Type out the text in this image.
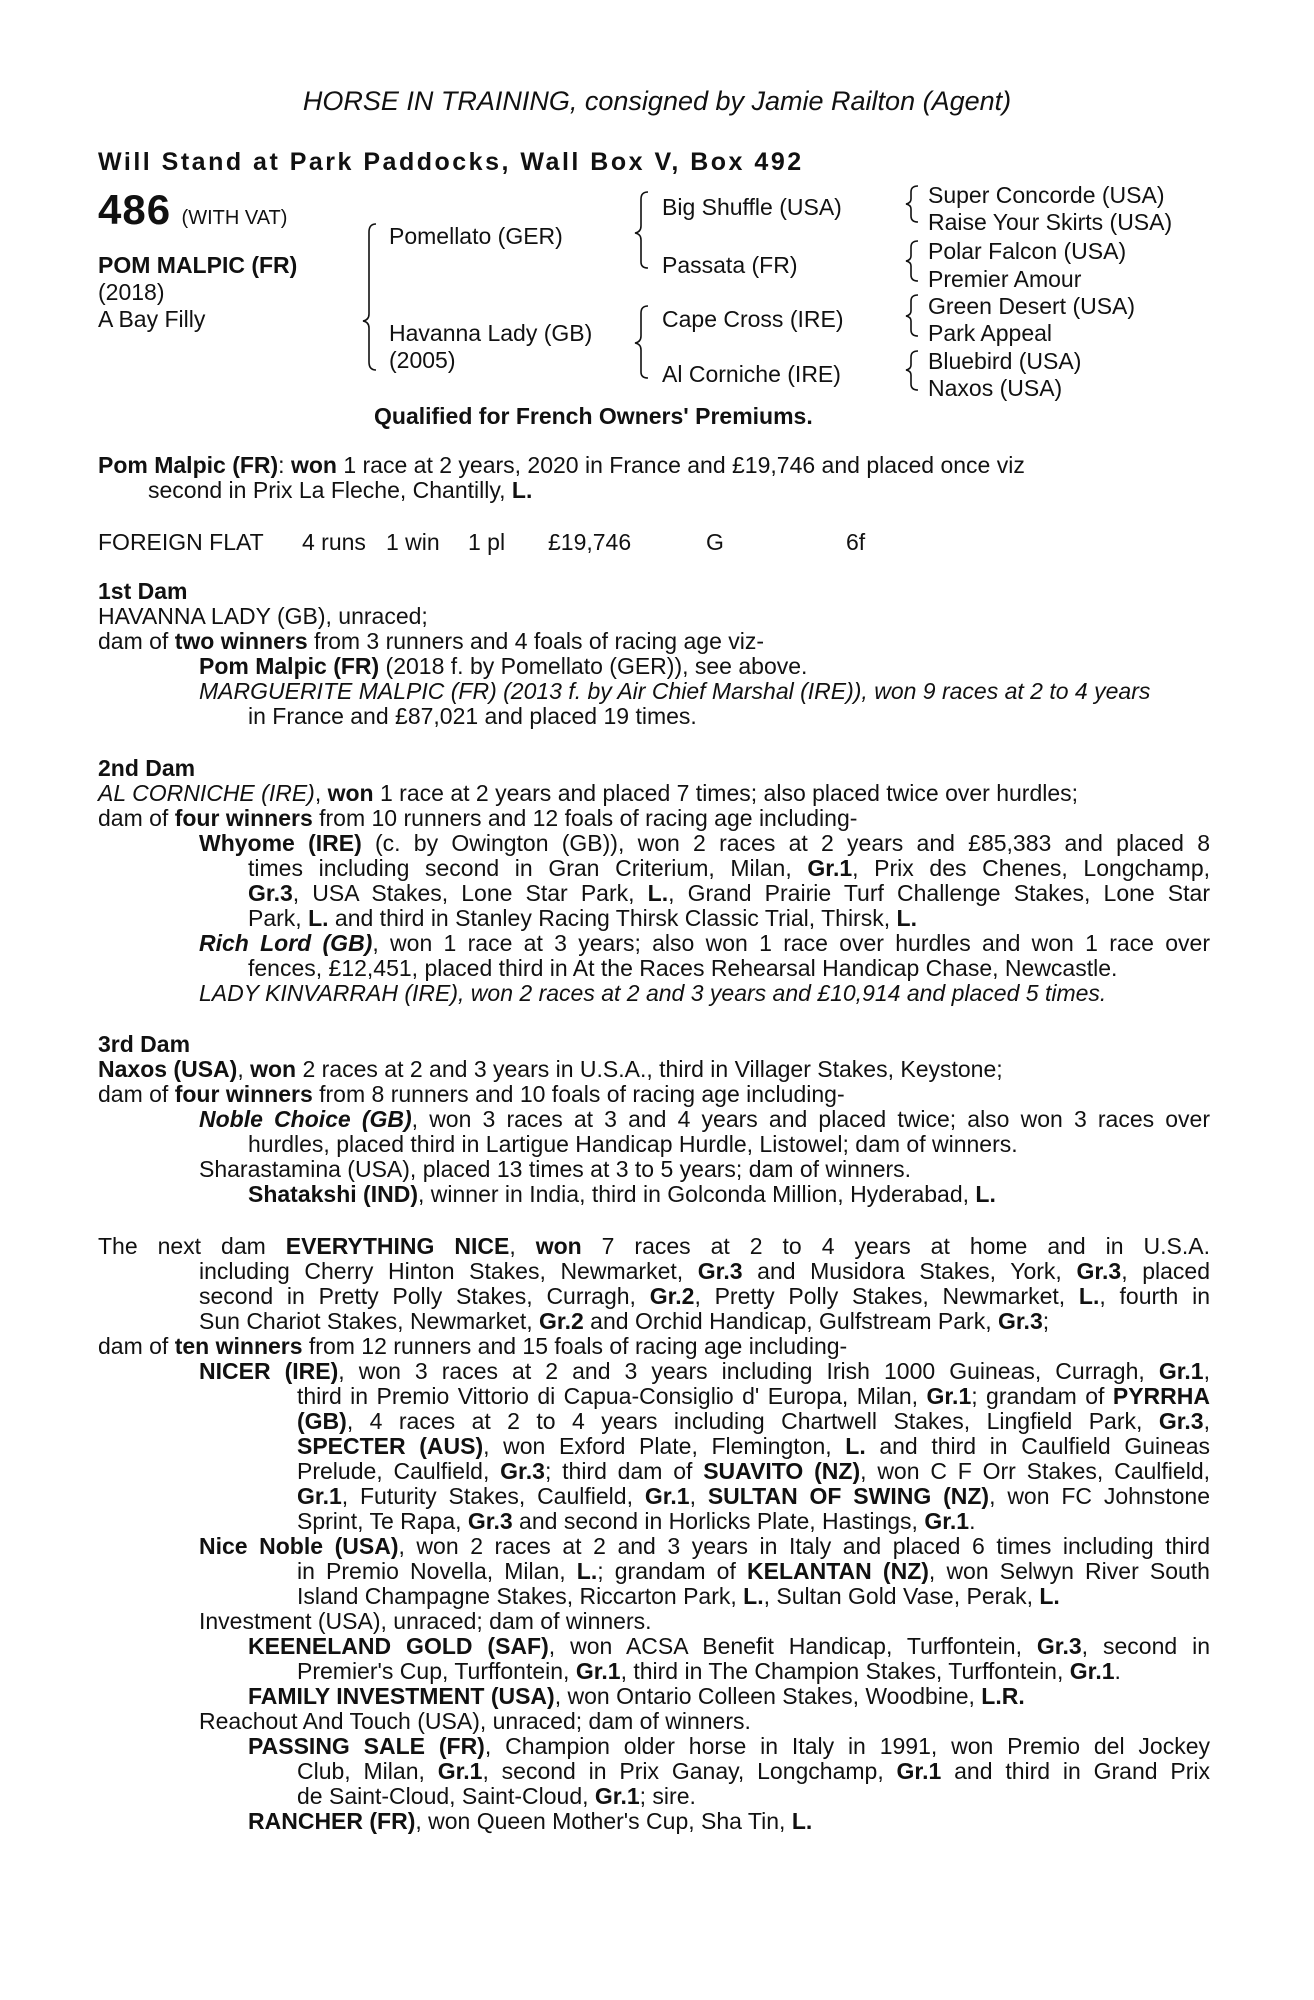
HORSE IN TRAINING, consigned by Jamie Railton (Agent)
Will Stand at Park Paddocks, Wall Box V, Box 492
486 (WITH VAT)
POM MALPIC (FR)
(2018)
A Bay Filly
Pomellato (GER)
Havanna Lady (GB)
(2005)
Big Shuffle (USA)
Passata (FR)
Cape Cross (IRE)
Al Corniche (IRE)
Super Concorde (USA)
Raise Your Skirts (USA)
Polar Falcon (USA)
Premier Amour
Green Desert (USA)
Park Appeal
Bluebird (USA)
Naxos (USA)
Qualified for French Owners' Premiums.
Pom Malpic (FR): won 1 race at 2 years, 2020 in France and £19,746 and placed once viz
second in Prix La Fleche, Chantilly, L.
FOREIGN FLAT 4 runs 1 win 1 pl £19,746	G	6f
1st Dam
HAVANNA LADY (GB), unraced;
dam of two winners from 3 runners and 4 foals of racing age viz-
Pom Malpic (FR) (2018 f. by Pomellato (GER)), see above.
MARGUERITE MALPIC (FR) (2013 f. by Air Chief Marshal (IRE)), won 9 races at 2 to 4 years
in France and £87,021 and placed 19 times.
2nd Dam
AL CORNICHE (IRE), won 1 race at 2 years and placed 7 times; also placed twice over hurdles;
dam of four winners from 10 runners and 12 foals of racing age including-
Whyome (IRE) (c. by Owington (GB)), won 2 races at 2 years and £85,383 and placed 8
times including second in Gran Criterium, Milan, Gr.1, Prix des Chenes, Longchamp,
Gr.3, USA Stakes, Lone Star Park, L., Grand Prairie Turf Challenge Stakes, Lone Star
Park, L. and third in Stanley Racing Thirsk Classic Trial, Thirsk, L.
Rich Lord (GB), won 1 race at 3 years; also won 1 race over hurdles and won 1 race over
fences, £12,451, placed third in At the Races Rehearsal Handicap Chase, Newcastle.
LADY KINVARRAH (IRE), won 2 races at 2 and 3 years and £10,914 and placed 5 times.
3rd Dam
Naxos (USA), won 2 races at 2 and 3 years in U.S.A., third in Villager Stakes, Keystone;
dam of four winners from 8 runners and 10 foals of racing age including-
Noble Choice (GB), won 3 races at 3 and 4 years and placed twice; also won 3 races over
hurdles, placed third in Lartigue Handicap Hurdle, Listowel; dam of winners.
Sharastamina (USA), placed 13 times at 3 to 5 years; dam of winners.
Shatakshi (IND), winner in India, third in Golconda Million, Hyderabad, L.
The next dam EVERYTHING NICE, won 7 races at 2 to 4 years at home and in U.S.A.
including Cherry Hinton Stakes, Newmarket, Gr.3 and Musidora Stakes, York, Gr.3, placed
second in Pretty Polly Stakes, Curragh, Gr.2, Pretty Polly Stakes, Newmarket, L., fourth in
Sun Chariot Stakes, Newmarket, Gr.2 and Orchid Handicap, Gulfstream Park, Gr.3;
dam of ten winners from 12 runners and 15 foals of racing age including-
NICER (IRE), won 3 races at 2 and 3 years including Irish 1000 Guineas, Curragh, Gr.1,
third in Premio Vittorio di Capua-Consiglio d' Europa, Milan, Gr.1; grandam of PYRRHA
(GB), 4 races at 2 to 4 years including Chartwell Stakes, Lingfield Park, Gr.3,
SPECTER (AUS), won Exford Plate, Flemington, L. and third in Caulfield Guineas
Prelude, Caulfield, Gr.3; third dam of SUAVITO (NZ), won C F Orr Stakes, Caulfield,
Gr.1, Futurity Stakes, Caulfield, Gr.1, SULTAN OF SWING (NZ), won FC Johnstone
Sprint, Te Rapa, Gr.3 and second in Horlicks Plate, Hastings, Gr.1.
Nice Noble (USA), won 2 races at 2 and 3 years in Italy and placed 6 times including third
in Premio Novella, Milan, L.; grandam of KELANTAN (NZ), won Selwyn River South
Island Champagne Stakes, Riccarton Park, L., Sultan Gold Vase, Perak, L.
Investment (USA), unraced; dam of winners.
KEENELAND GOLD (SAF), won ACSA Benefit Handicap, Turffontein, Gr.3, second in
Premier's Cup, Turffontein, Gr.1, third in The Champion Stakes, Turffontein, Gr.1.
FAMILY INVESTMENT (USA), won Ontario Colleen Stakes, Woodbine, L.R.
Reachout And Touch (USA), unraced; dam of winners.
PASSING SALE (FR), Champion older horse in Italy in 1991, won Premio del Jockey
Club, Milan, Gr.1, second in Prix Ganay, Longchamp, Gr.1 and third in Grand Prix
de Saint-Cloud, Saint-Cloud, Gr.1; sire.
RANCHER (FR), won Queen Mother's Cup, Sha Tin, L.
